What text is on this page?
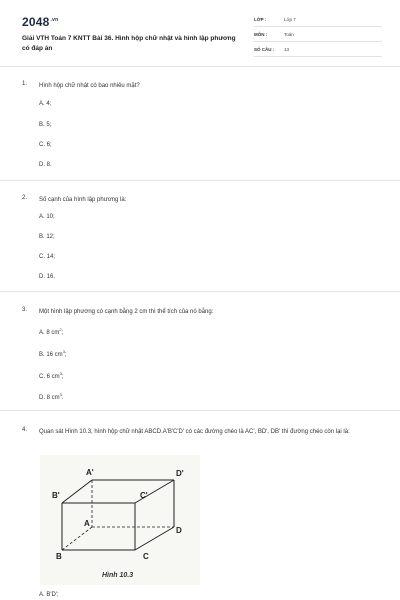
$2048^{.vn}$
Giải VTH Toán 7 KNTT Bài 36. Hình hộp chữ nhật và hình lập phương có đáp án
LỚP :	Lớp 7
MÔN :	Toán
SỐ CÂU : 13
1. Hình hộp chữ nhật có bao nhiêu mặt?
A. 4;
B. 5;
C. 6;
D. 8.
2. Số cạnh của hình lập phương là:
A. 10;
B. 12;
C. 14;
D. 16.
3. Một hình lập phương có cạnh bằng 2 cm thì thể tích của nó bằng:
A. 8 $cm^2$;
B. 16 $cm^3$;
C. 6 $cm^3$;
D. 8 $cm^3$.
4. Quan sát Hình 10.3, hình hộp chữ nhật ABCD.A'B'C'D' có các đường chéo là AC', BD', DB' thì đường chéo còn lại là:
A'	D'
B'	C'
A
D
B	C
Hình 10.3
A. B'D';
